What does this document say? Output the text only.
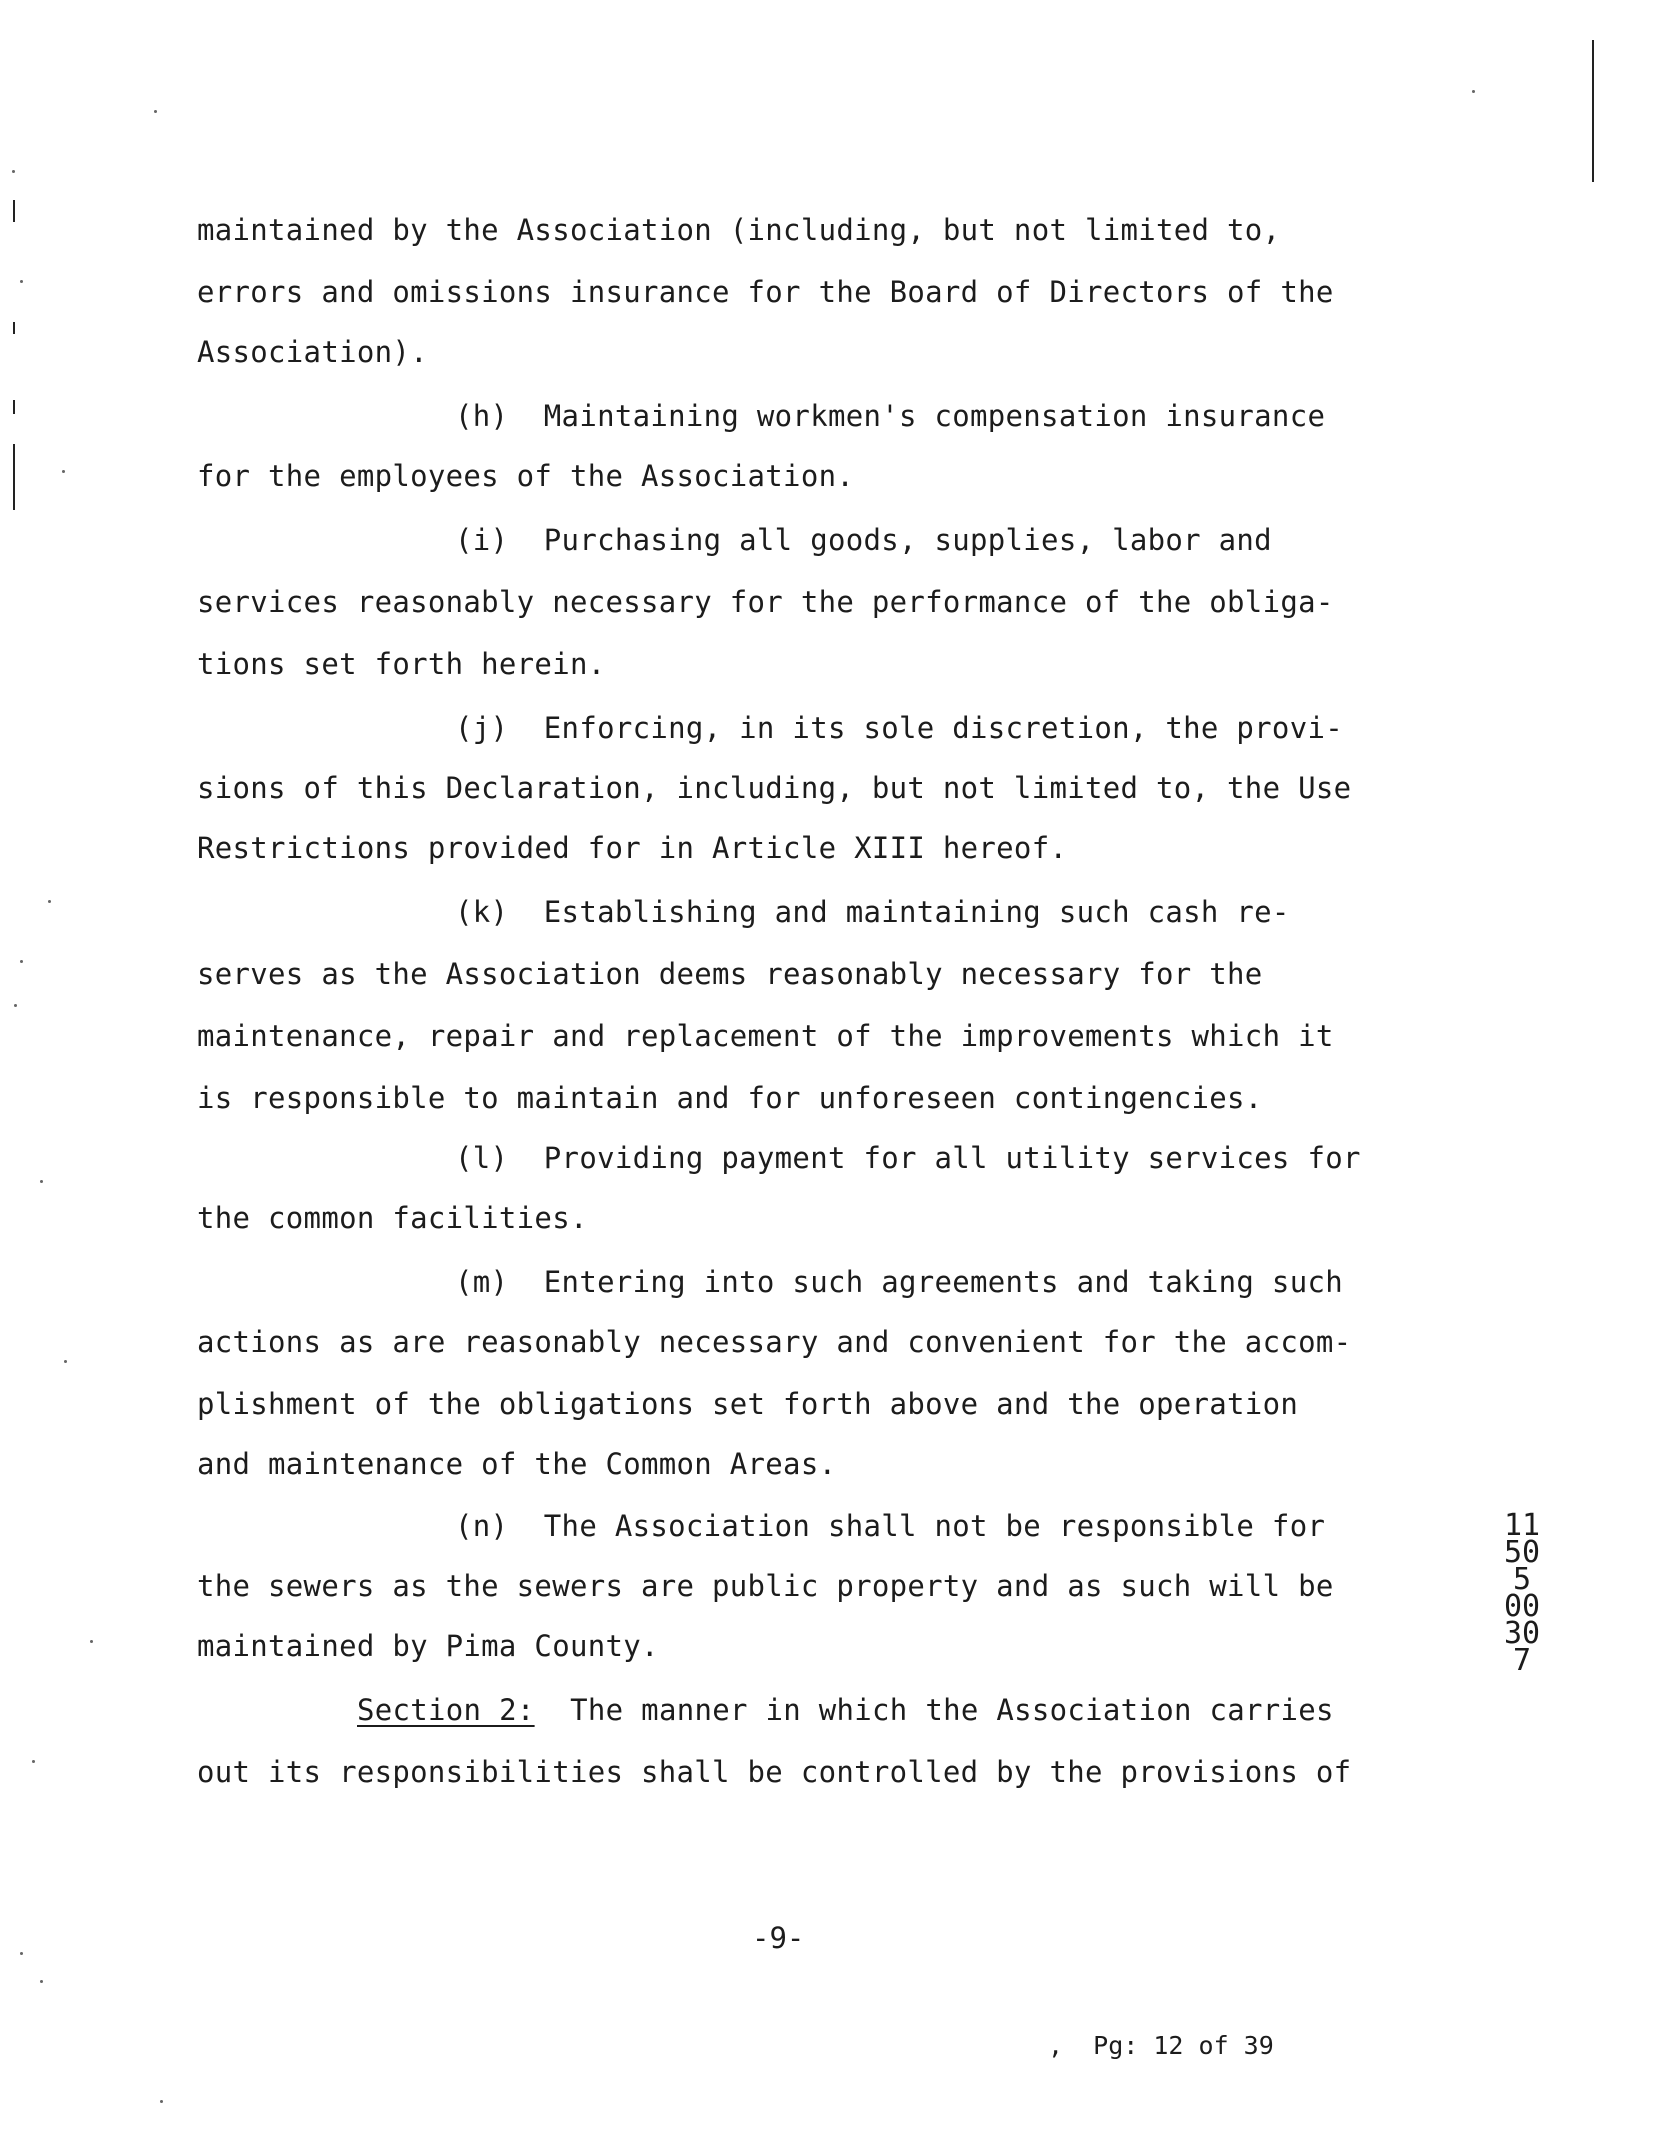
maintained by the Association (including, but not limited to,

errors and omissions insurance for the Board of Directors of the

Association).

(h)  Maintaining workmen's compensation insurance

for the employees of the Association.

(i)  Purchasing all goods, supplies, labor and

services reasonably necessary for the performance of the obliga-

tions set forth herein.

(j)  Enforcing, in its sole discretion, the provi-

sions of this Declaration, including, but not limited to, the Use

Restrictions provided for in Article XIII hereof.

(k)  Establishing and maintaining such cash re-

serves as the Association deems reasonably necessary for the

maintenance, repair and replacement of the improvements which it

is responsible to maintain and for unforeseen contingencies.

(l)  Providing payment for all utility services for

the common facilities.

(m)  Entering into such agreements and taking such

actions as are reasonably necessary and convenient for the accom-

plishment of the obligations set forth above and the operation

and maintenance of the Common Areas.

(n)  The Association shall not be responsible for

the sewers as the sewers are public property and as such will be

maintained by Pima County.

Section 2: The manner in which the Association carries

out its responsibilities shall be controlled by the provisions of

-9-
,  Pg: 12 of 39
11505 00307
